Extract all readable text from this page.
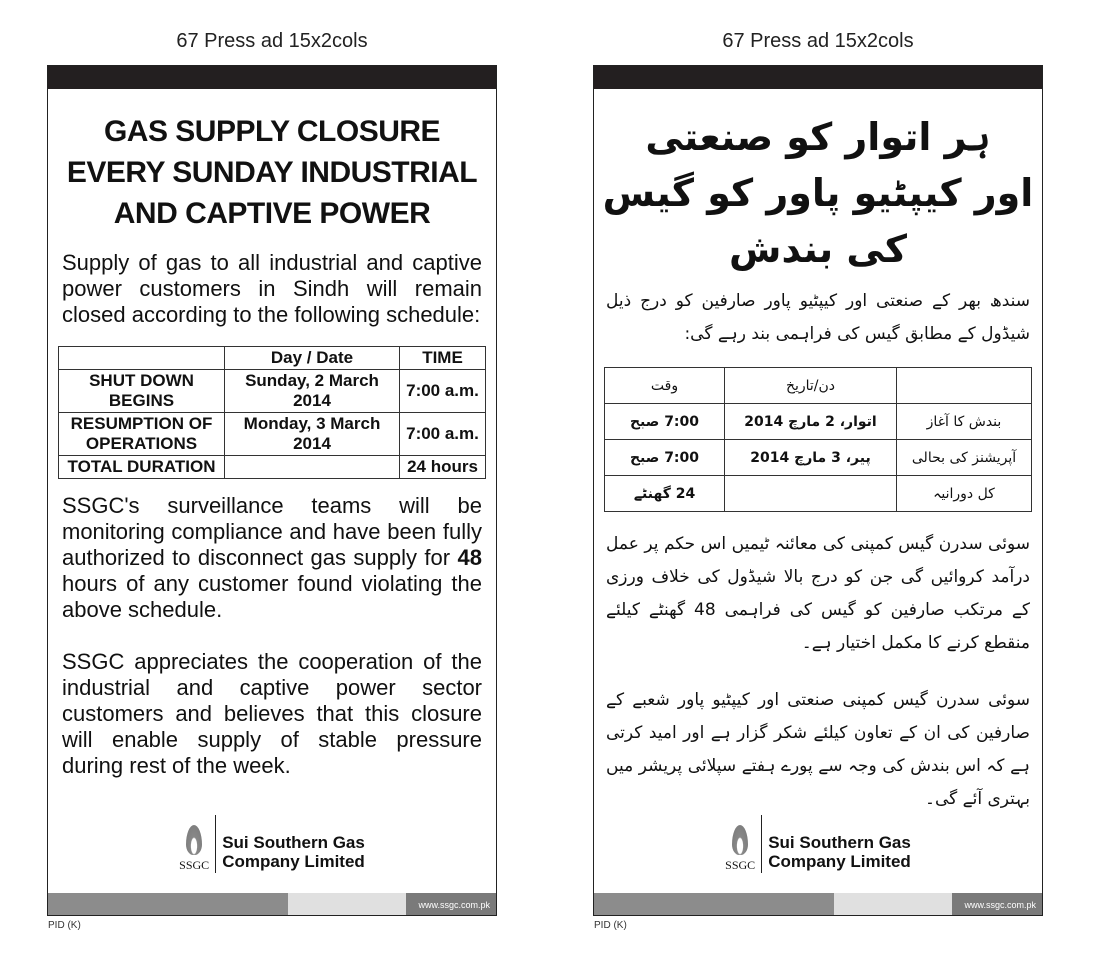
67 Press ad 15x2cols	67 Press ad 15x2cols
GAS SUPPLY CLOSURE
EVERY SUNDAY INDUSTRIAL
AND CAPTIVE POWER

Supply of gas to all industrial and captive power customers in Sindh will remain closed according to the following schedule:

	Day / Date	TIME
SHUT DOWN BEGINS	Sunday, 2 March 2014	7:00 a.m.
RESUMPTION OF OPERATIONS	Monday, 3 March 2014	7:00 a.m.
TOTAL DURATION		24 hours

SSGC's surveillance teams will be monitoring compliance and have been fully authorized to disconnect gas supply for 48 hours of any customer found violating the above schedule.

SSGC appreciates the cooperation of the industrial and captive power sector customers and believes that this closure will enable supply of stable pressure during rest of the week.

SSGC
Sui Southern Gas
Company Limited
www.ssgc.com.pk
PID (K)
ہر اتوار کو صنعتی
اور کیپٹیو پاور کو گیس
کی بندش

سندھ بھر کے صنعتی اور کیپٹیو پاور صارفین کو درج ذیل شیڈول کے مطابق گیس کی فراہمی بند رہے گی:

	دن/تاریخ	وقت
بندش کا آغاز	اتوار، 2 مارچ 2014	7:00 صبح
آپریشنز کی بحالی	پیر، 3 مارچ 2014	7:00 صبح
کل دورانیہ		24 گھنٹے

سوئی سدرن گیس کمپنی کی معائنہ ٹیمیں اس حکم پر عمل درآمد کروائیں گی جن کو درج بالا شیڈول کی خلاف ورزی کے مرتکب صارفین کو گیس کی فراہمی 48 گھنٹے کیلئے منقطع کرنے کا مکمل اختیار ہے۔

سوئی سدرن گیس کمپنی صنعتی اور کیپٹیو پاور شعبے کے صارفین کی ان کے تعاون کیلئے شکر گزار ہے اور امید کرتی ہے کہ اس بندش کی وجہ سے پورے ہفتے سپلائی پریشر میں بہتری آئے گی۔

SSGC
Sui Southern Gas
Company Limited
www.ssgc.com.pk
PID (K)
